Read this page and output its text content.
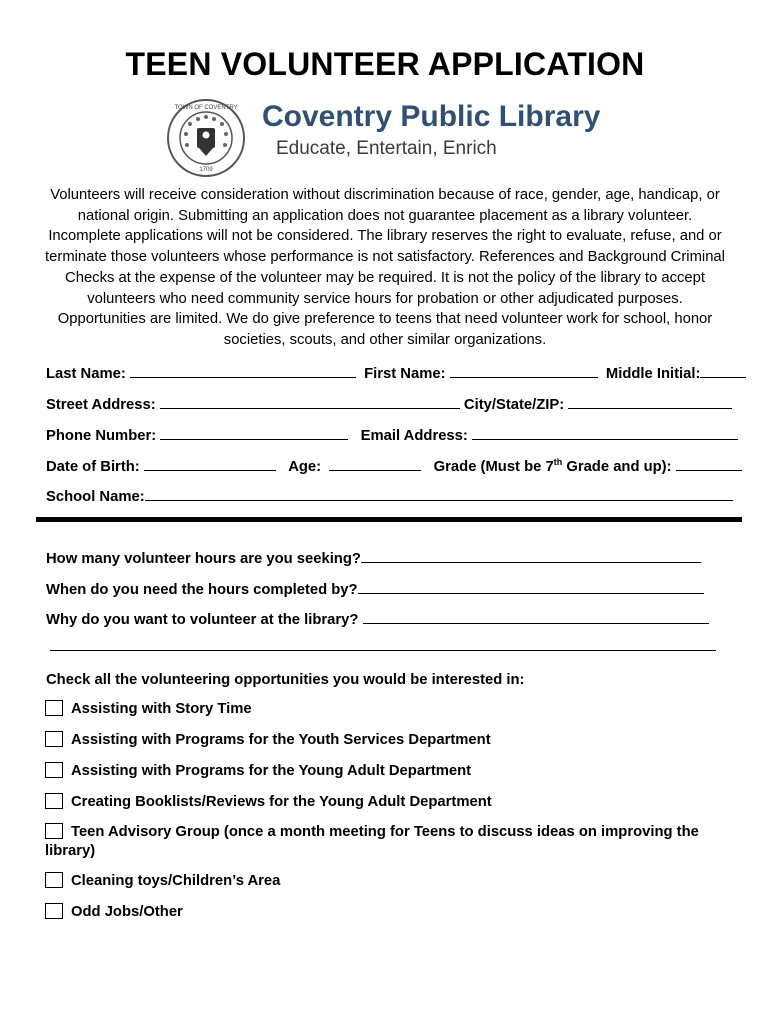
TEEN VOLUNTEER APPLICATION
TOWN OF COVENTRY
1709
Coventry Public Library
Educate, Entertain, Enrich
Volunteers will receive consideration without discrimination because of race, gender, age, handicap, or national origin. Submitting an application does not guarantee placement as a library volunteer. Incomplete applications will not be considered. The library reserves the right to evaluate, refuse, and or terminate those volunteers whose performance is not satisfactory. References and Background Criminal Checks at the expense of the volunteer may be required. It is not the policy of the library to accept volunteers who need community service hours for probation or other adjudicated purposes. Opportunities are limited. We do give preference to teens that need volunteer work for school, honor societies, scouts, and other similar organizations.
Last Name:	First Name:	Middle Initial:
Street Address:	City/State/ZIP:
Phone Number:	Email Address:
Date of Birth:	Age:	Grade (Must be 7th Grade and up):
School Name:
How many volunteer hours are you seeking?
When do you need the hours completed by?
Why do you want to volunteer at the library?
Check all the volunteering opportunities you would be interested in:
Assisting with Story Time
Assisting with Programs for the Youth Services Department
Assisting with Programs for the Young Adult Department
Creating Booklists/Reviews for the Young Adult Department
Teen Advisory Group (once a month meeting for Teens to discuss ideas on improving the library)
Cleaning toys/Children’s Area
Odd Jobs/Other
